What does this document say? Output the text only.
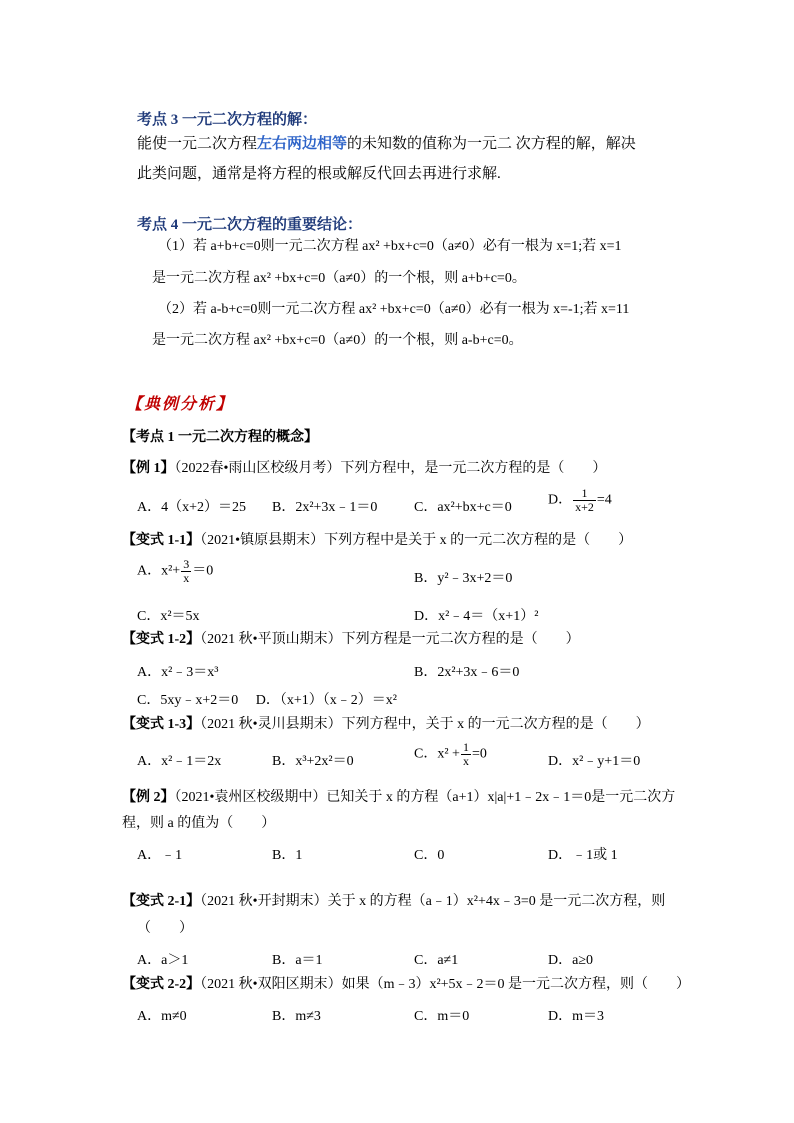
考点 3 一元二次方程的解：
能使一元二次方程左右两边相等的未知数的值称为一元二 次方程的解，解决
此类问题，通常是将方程的根或解反代回去再进行求解.
考点 4 一元二次方程的重要结论：
（1）若 a+b+c=0则一元二次方程 ax² +bx+c=0（a≠0）必有一根为 x=1;若 x=1
是一元二次方程 ax² +bx+c=0（a≠0）的一个根，则 a+b+c=0。
（2）若 a-b+c=0则一元二次方程 ax² +bx+c=0（a≠0）必有一根为 x=-1;若 x=11
是一元二次方程 ax² +bx+c=0（a≠0）的一个根，则 a-b+c=0。
【典例分析】
【考点 1 一元二次方程的概念】
【例 1】（2022春•雨山区校级月考）下列方程中，是一元二次方程的是（　　）
A．4（x+2）＝25 B．2x²+3x﹣1＝0	C．ax²+bx+c＝0	D． $\frac{1}{x+2} =4$
【变式 1-1】（2021•镇原县期末）下列方程中是关于 x 的一元二次方程的是（　　）
A．$x^2+ \frac{3}{x} =0$	B．y²﹣3x+2＝0
C．x²＝5x	D．x²﹣4＝（x+1）²
【变式 1-2】（2021 秋•平顶山期末）下列方程是一元二次方程的是（　　）
A．x²﹣3＝x³	B．2x²+3x﹣6＝0
C．5xy﹣x+2＝0　 D．（x+1）（x﹣2）＝x²
【变式 1-3】（2021 秋•灵川县期末）下列方程中，关于 x 的一元二次方程的是（　　）
A．x²﹣1＝2x	B．x³+2x²＝0	C．$x^2 + \frac{1}{x} =0$	D．x²﹣y+1＝0
【例 2】（2021•袁州区校级期中）已知关于 x 的方程（a+1）x|a|+1﹣2x﹣1＝0是一元二次方
程，则 a 的值为（　　）
A．﹣1	B．1	C．0	D．﹣1或 1
【变式 2-1】（2021 秋•开封期末）关于 x 的方程（a﹣1）x²+4x﹣3=0 是一元二次方程，则
（　　）
A．a＞1	B．a＝1	C．a≠1	D．a≥0
【变式 2-2】（2021 秋•双阳区期末）如果（m﹣3）x²+5x﹣2＝0 是一元二次方程，则（　　）
A．m≠0	B．m≠3	C．m＝0	D．m＝3
